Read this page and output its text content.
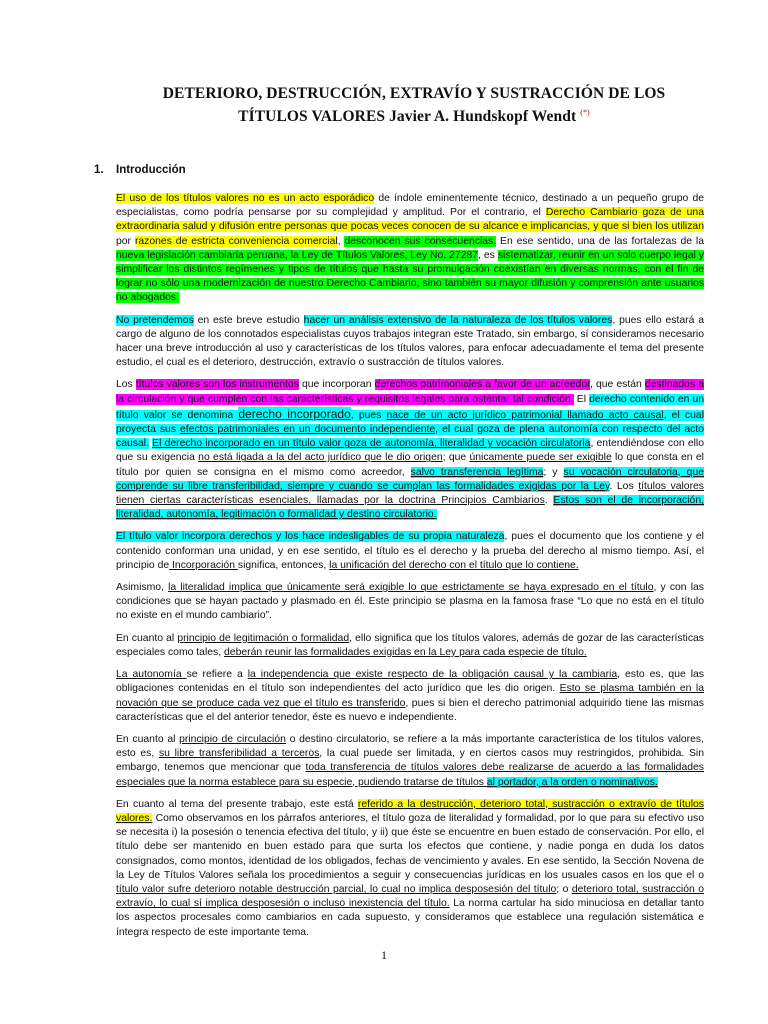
DETERIORO, DESTRUCCIÓN, EXTRAVÍO Y SUSTRACCIÓN DE LOS
TÍTULOS VALORES Javier A. Hundskopf Wendt (*)
1. Introducción

El uso de los títulos valores no es un acto esporádico de índole eminentemente técnico, destinado a un pequeño grupo de especialistas, como podría pensarse por su complejidad y amplitud. Por el contrario, el Derecho Cambiario goza de una extraordinaria salud y difusión entre personas que pocas veces conocen de su alcance e implicancias, y que si bien los utilizan por razones de estricta conveniencia comercial, desconocen sus consecuencias. En ese sentido, una de las fortalezas de la nueva legislación cambiaria peruana, la Ley de Títulos Valores, Ley No. 27287, es sistematizar, reunir en un solo cuerpo legal y simplificar los distintos regímenes y tipos de títulos que hasta su promulgación coexistían en diversas normas, con el fin de lograr no sólo una modernización de nuestro Derecho Cambiario, sino también su mayor difusión y comprensión ante usuarios no abogados.

No pretendemos en este breve estudio hacer un análisis extensivo de la naturaleza de los títulos valores, pues ello estará a cargo de alguno de los connotados especialistas cuyos trabajos integran este Tratado, sin embargo, sí consideramos necesario hacer una breve introducción al uso y características de los títulos valores, para enfocar adecuadamente el tema del presente estudio, el cual es el deterioro, destrucción, extravío o sustracción de títulos valores.

Los títulos valores son los instrumentos que incorporan derechos patrimoniales a favor de un acreedor, que están destinados a la circulación y que cumplen con las características y requisitos legales para ostentar tal condición. El derecho contenido en un título valor se denomina derecho incorporado, pues nace de un acto jurídico patrimonial llamado acto causal, el cual proyecta sus efectos patrimoniales en un documento independiente, el cual goza de plena autonomía con respecto del acto causal. El derecho incorporado en un título valor goza de autonomía, literalidad y vocación circulatoria, entendiéndose con ello que su exigencia no está ligada a la del acto jurídico que le dio origen; que únicamente puede ser exigible lo que consta en el título por quien se consigna en el mismo como acreedor, salvo transferencia legítima; y su vocación circulatoria, que comprende su libre transferibilidad, siempre y cuando se cumplan las formalidades exigidas por la Ley. Los títulos valores tienen ciertas características esenciales, llamadas por la doctrina Principios Cambiarios. Estos son el de incorporación, literalidad, autonomía, legitimación o formalidad y destino circulatorio.

El título valor incorpora derechos y los hace indesligables de su propia naturaleza, pues el documento que los contiene y el contenido conforman una unidad, y en ese sentido, el título es el derecho y la prueba del derecho al mismo tiempo. Así, el principio de Incorporación significa, entonces, la unificación del derecho con el título que lo contiene.

Asimismo, la literalidad implica que únicamente será exigible lo que estrictamente se haya expresado en el título, y con las condiciones que se hayan pactado y plasmado en él. Este principio se plasma en la famosa frase “Lo que no está en el título no existe en el mundo cambiario”.

En cuanto al principio de legitimación o formalidad, ello significa que los títulos valores, además de gozar de las características especiales como tales, deberán reunir las formalidades exigidas en la Ley para cada especie de título.

La autonomía se refiere a la independencia que existe respecto de la obligación causal y la cambiaria, esto es, que las obligaciones contenidas en el título son independientes del acto jurídico que les dio origen. Esto se plasma también en la novación que se produce cada vez que el título es transferido, pues si bien el derecho patrimonial adquirido tiene las mismas características que el del anterior tenedor, éste es nuevo e independiente.

En cuanto al principio de circulación o destino circulatorio, se refiere a la más importante característica de los títulos valores, esto es, su libre transferibilidad a terceros, la cual puede ser limitada, y en ciertos casos muy restringidos, prohibida. Sin embargo, tenemos que mencionar que toda transferencia de títulos valores debe realizarse de acuerdo a las formalidades especiales que la norma establece para su especie, pudiendo tratarse de títulos al portador, a la orden o nominativos.

En cuanto al tema del presente trabajo, este está referido a la destrucción, deterioro total, sustracción o extravío de títulos valores. Como observamos en los párrafos anteriores, el título goza de literalidad y formalidad, por lo que para su efectivo uso se necesita i) la posesión o tenencia efectiva del título, y ii) que éste se encuentre en buen estado de conservación. Por ello, el título debe ser mantenido en buen estado para que surta los efectos que contiene, y nadie ponga en duda los datos consignados, como montos, identidad de los obligados, fechas de vencimiento y avales. En ese sentido, la Sección Novena de la Ley de Títulos Valores señala los procedimientos a seguir y consecuencias jurídicas en los usuales casos en los que el o título valor sufre deterioro notable destrucción parcial, lo cual no implica desposesión del título; o deterioro total, sustracción o extravío, lo cual sí implica desposesión o incluso inexistencia del título. La norma cartular ha sido minuciosa en detallar tanto los aspectos procesales como cambiarios en cada supuesto, y consideramos que establece una regulación sistemática e íntegra respecto de este importante tema.

1
